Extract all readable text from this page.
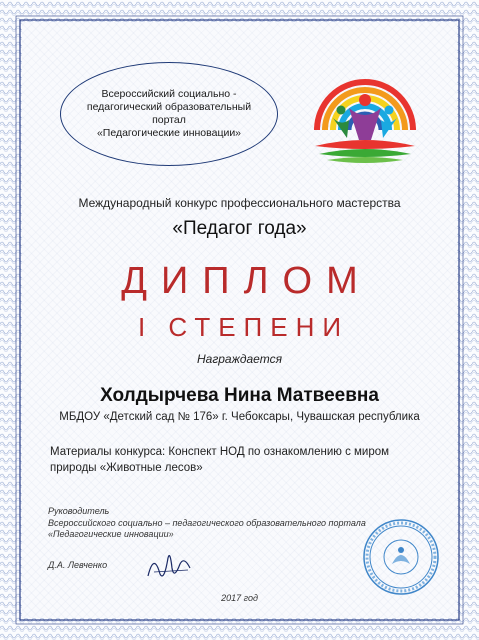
Всероссийский социально -
педагогический образовательный
портал
«Педагогические инновации»
Международный конкурс профессионального мастерства
«Педагог года»
ДИПЛОМ
I СТЕПЕНИ
Награждается
Холдырчева Нина Матвеевна
МБДОУ «Детский сад № 176» г. Чебоксары, Чувашская республика
Материалы конкурса: Конспект НОД по ознакомлению с миром
природы «Животные лесов»
Руководитель
Всероссийского социально – педагогического образовательного портала
«Педагогические инновации»
Д.А. Левченко
2017 год
